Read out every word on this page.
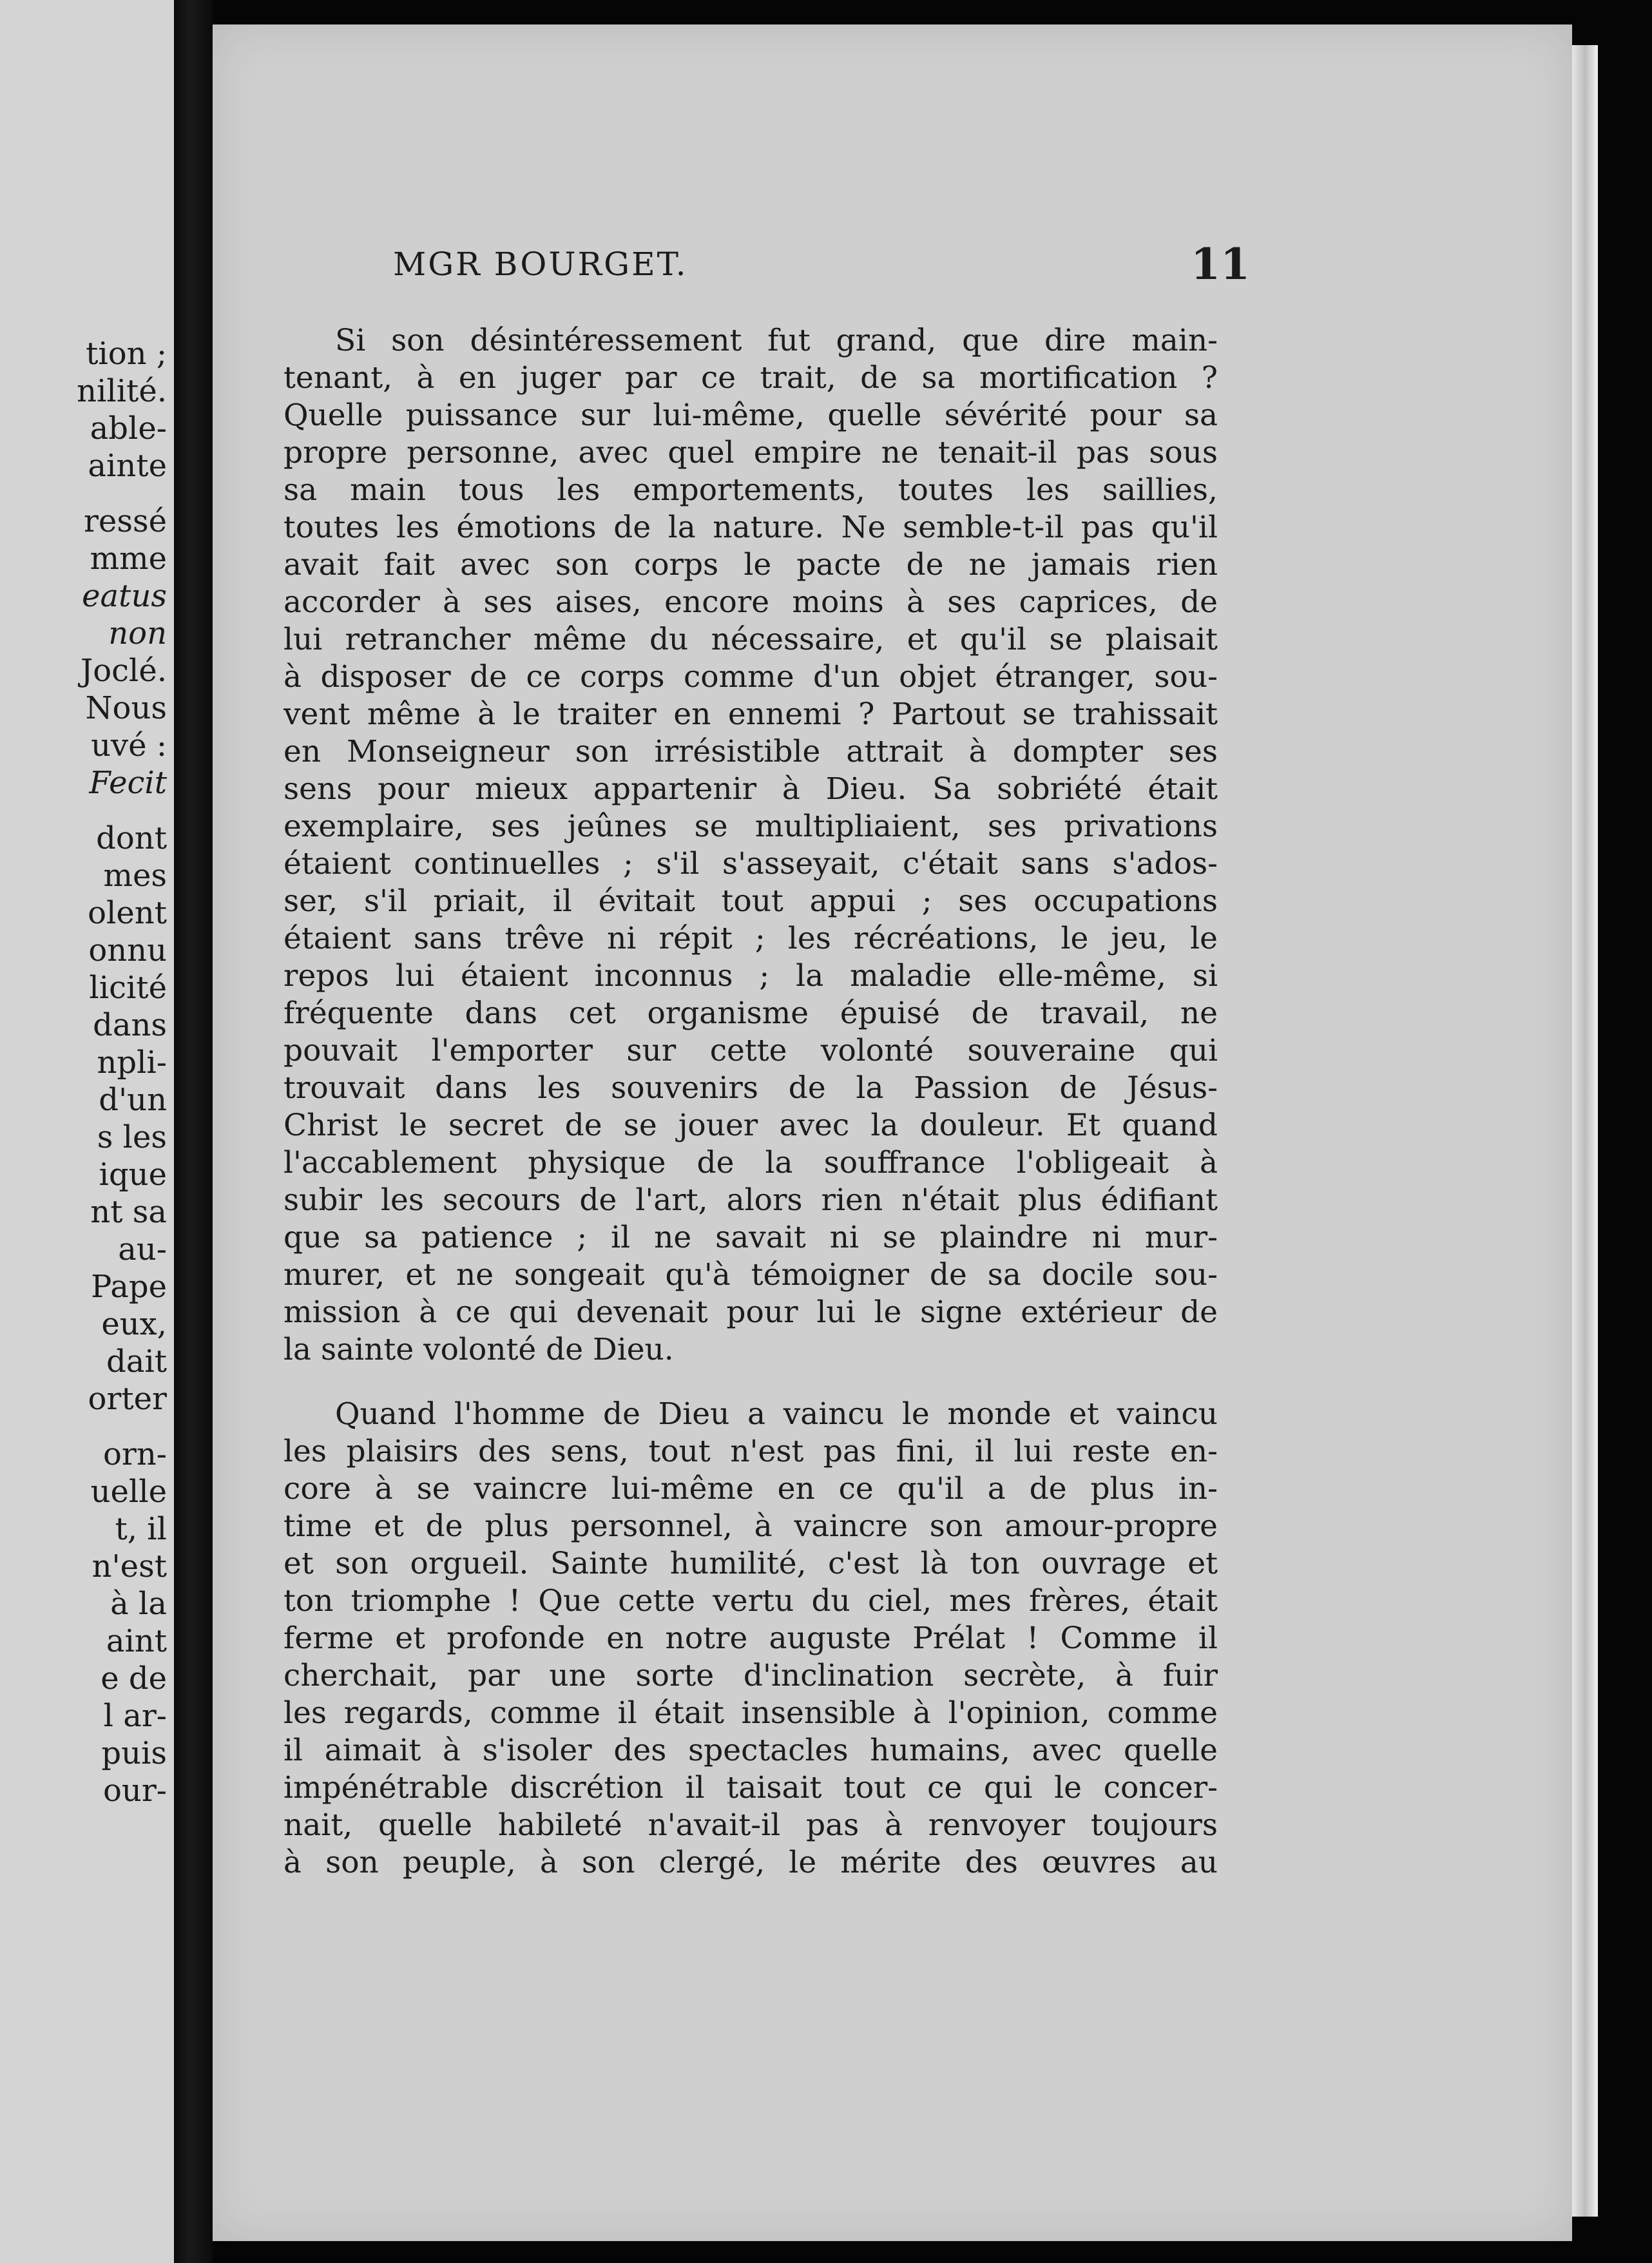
tion ;
nilité.
able-
ainte
ressé
mme
eatus
non
Joclé.
Nous
uvé :
Fecit
dont
mes
olent
onnu
licité
dans
npli-
d'un
s les
ique
nt sa
au-
Pape
eux,
dait
orter
orn-
uelle
t, il
n'est
à la
aint
e de
l ar-
puis
our-
MGR BOURGET.	11
Si son désintéressement fut grand, que dire main-
tenant, à en juger par ce trait, de sa mortification ?
Quelle puissance sur lui-même, quelle sévérité pour sa
propre personne, avec quel empire ne tenait-il pas sous
sa main tous les emportements, toutes les saillies,
toutes les émotions de la nature. Ne semble-t-il pas qu'il
avait fait avec son corps le pacte de ne jamais rien
accorder à ses aises, encore moins à ses caprices, de
lui retrancher même du nécessaire, et qu'il se plaisait
à disposer de ce corps comme d'un objet étranger, sou-
vent même à le traiter en ennemi ? Partout se trahissait
en Monseigneur son irrésistible attrait à dompter ses
sens pour mieux appartenir à Dieu. Sa sobriété était
exemplaire, ses jeûnes se multipliaient, ses privations
étaient continuelles ; s'il s'asseyait, c'était sans s'ados-
ser, s'il priait, il évitait tout appui ; ses occupations
étaient sans trêve ni répit ; les récréations, le jeu, le
repos lui étaient inconnus ; la maladie elle-même, si
fréquente dans cet organisme épuisé de travail, ne
pouvait l'emporter sur cette volonté souveraine qui
trouvait dans les souvenirs de la Passion de Jésus-
Christ le secret de se jouer avec la douleur. Et quand
l'accablement physique de la souffrance l'obligeait à
subir les secours de l'art, alors rien n'était plus édifiant
que sa patience ; il ne savait ni se plaindre ni mur-
murer, et ne songeait qu'à témoigner de sa docile sou-
mission à ce qui devenait pour lui le signe extérieur de
la sainte volonté de Dieu.
Quand l'homme de Dieu a vaincu le monde et vaincu
les plaisirs des sens, tout n'est pas fini, il lui reste en-
core à se vaincre lui-même en ce qu'il a de plus in-
time et de plus personnel, à vaincre son amour-propre
et son orgueil. Sainte humilité, c'est là ton ouvrage et
ton triomphe ! Que cette vertu du ciel, mes frères, était
ferme et profonde en notre auguste Prélat ! Comme il
cherchait, par une sorte d'inclination secrète, à fuir
les regards, comme il était insensible à l'opinion, comme
il aimait à s'isoler des spectacles humains, avec quelle
impénétrable discrétion il taisait tout ce qui le concer-
nait, quelle habileté n'avait-il pas à renvoyer toujours
à son peuple, à son clergé, le mérite des œuvres au
